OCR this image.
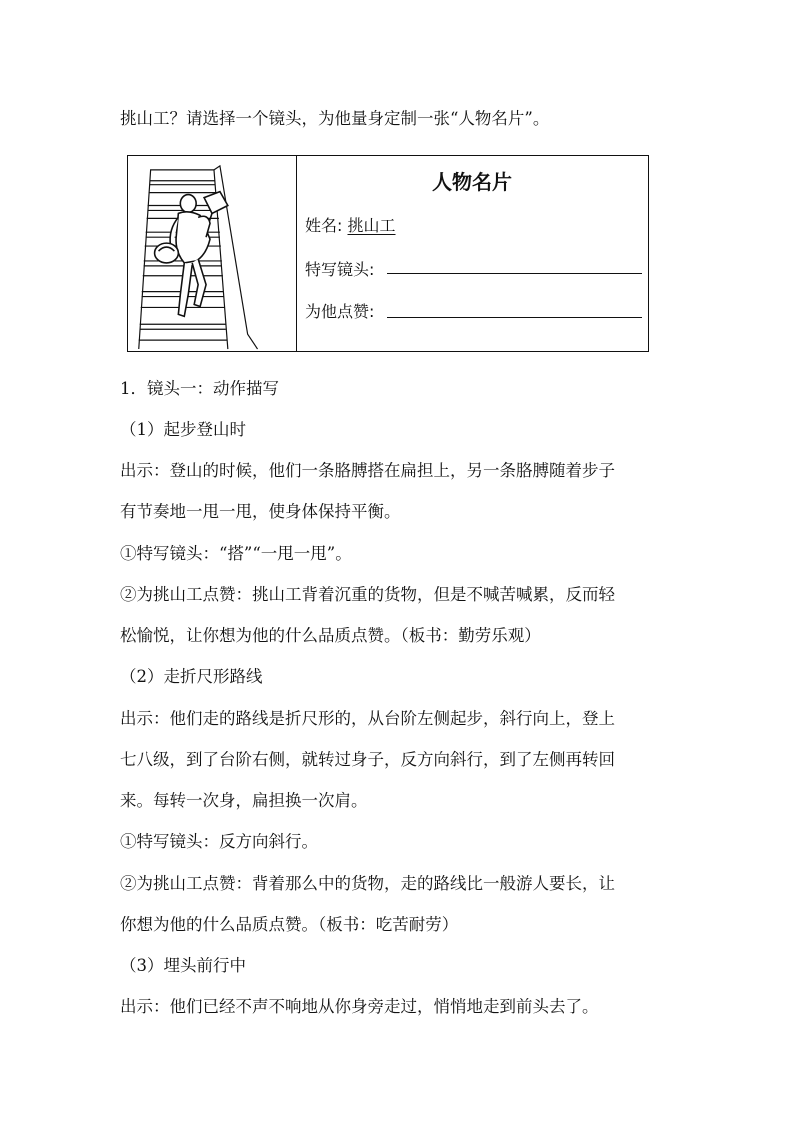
挑山工？请选择一个镜头，为他量身定制一张“人物名片”。
人物名片
姓名: 挑山工
特写镜头:
为他点赞:
1．镜头一：动作描写
（1）起步登山时
出示：登山的时候，他们一条胳膊搭在扁担上，另一条胳膊随着步子
有节奏地一甩一甩，使身体保持平衡。
①特写镜头：“搭”“一甩一甩”。
②为挑山工点赞：挑山工背着沉重的货物，但是不喊苦喊累，反而轻
松愉悦，让你想为他的什么品质点赞。（板书：勤劳乐观）
（2）走折尺形路线
出示：他们走的路线是折尺形的，从台阶左侧起步，斜行向上，登上
七八级，到了台阶右侧，就转过身子，反方向斜行，到了左侧再转回
来。每转一次身，扁担换一次肩。
①特写镜头：反方向斜行。
②为挑山工点赞：背着那么中的货物，走的路线比一般游人要长，让
你想为他的什么品质点赞。（板书：吃苦耐劳）
（3）埋头前行中
出示：他们已经不声不响地从你身旁走过，悄悄地走到前头去了。
